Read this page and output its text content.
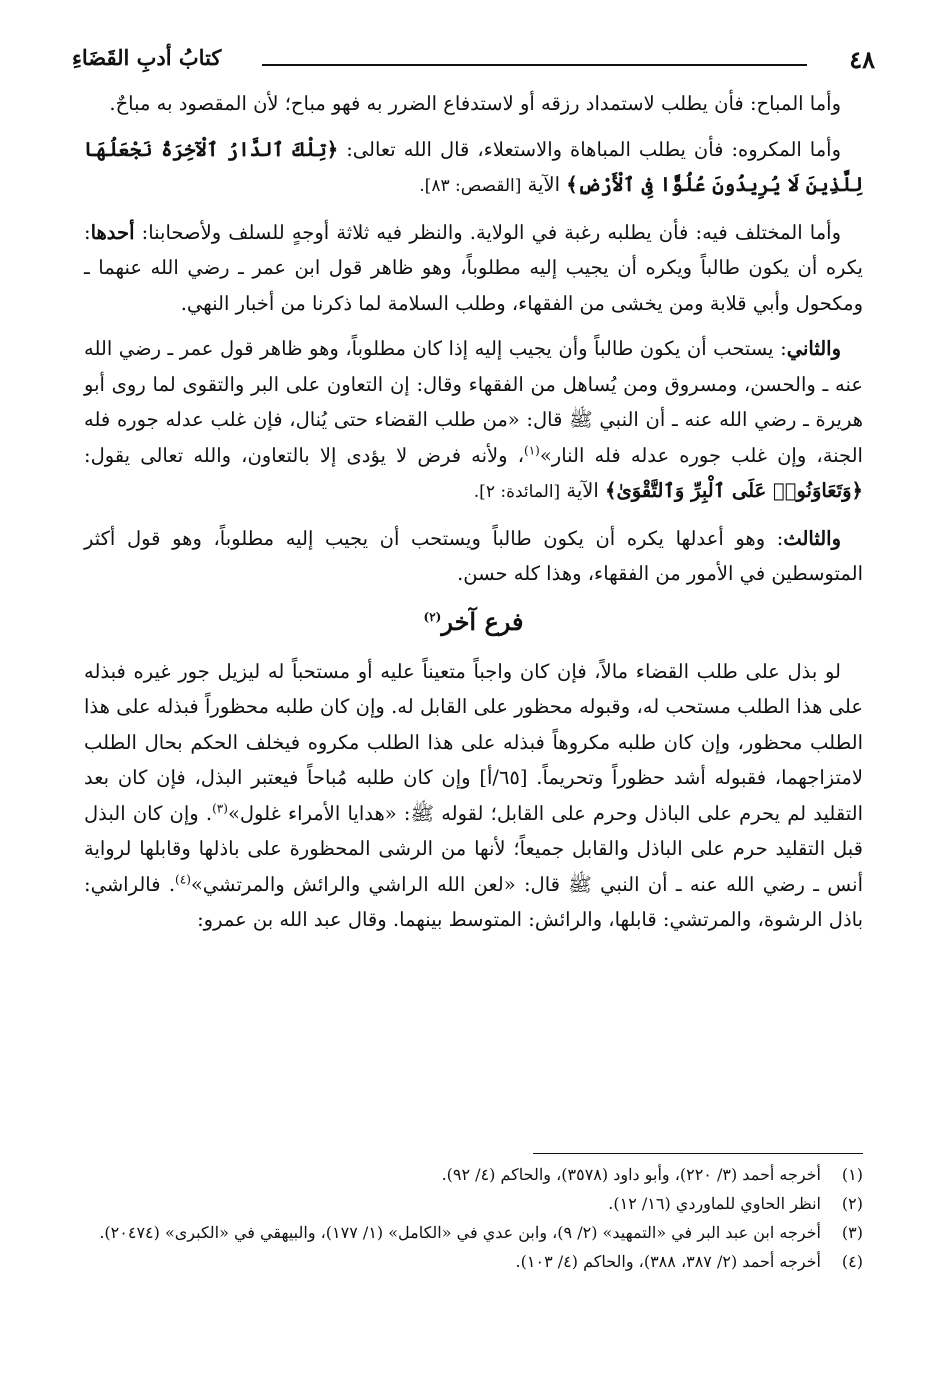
٤٨
كتابُ أدبِ القَضَاءِ

وأما المباح: فأن يطلب لاستمداد رزقه أو لاستدفاع الضرر به فهو مباح؛ لأن المقصود به مباحٌ.

وأما المكروه: فأن يطلب المباهاة والاستعلاء، قال الله تعالى: ﴿تِلْكَ ٱلدَّارُ ٱلْآخِرَةُ نَجْعَلُهَا لِلَّذِينَ لَا يُرِيدُونَ عُلُوًّا فِى ٱلْأَرْضِ﴾ الآية [القصص: ٨٣].

وأما المختلف فيه: فأن يطلبه رغبة في الولاية. والنظر فيه ثلاثة أوجهٍ للسلف ولأصحابنا: أحدها: يكره أن يكون طالباً ويكره أن يجيب إليه مطلوباً، وهو ظاهر قول ابن عمر ـ رضي الله عنهما ـ ومكحول وأبي قلابة ومن يخشى من الفقهاء، وطلب السلامة لما ذكرنا من أخبار النهي.

والثاني: يستحب أن يكون طالباً وأن يجيب إليه إذا كان مطلوباً، وهو ظاهر قول عمر ـ رضي الله عنه ـ والحسن، ومسروق ومن يُساهل من الفقهاء وقال: إن التعاون على البر والتقوى لما روى أبو هريرة ـ رضي الله عنه ـ أن النبي ﷺ قال: «من طلب القضاء حتى يُنال، فإن غلب عدله جوره فله الجنة، وإن غلب جوره عدله فله النار»$^{(١)}$، ولأنه فرض لا يؤدى إلا بالتعاون، والله تعالى يقول: ﴿وَتَعَاوَنُوا۟ عَلَى ٱلْبِرِّ وَٱلتَّقْوَىٰ﴾ الآية [المائدة: ٢].

والثالث: وهو أعدلها يكره أن يكون طالباً ويستحب أن يجيب إليه مطلوباً، وهو قول أكثر المتوسطين في الأمور من الفقهاء، وهذا كله حسن.

فرع آخر$^{(٢)}$

لو بذل على طلب القضاء مالاً، فإن كان واجباً متعيناً عليه أو مستحباً له ليزيل جور غيره فبذله على هذا الطلب مستحب له، وقبوله محظور على القابل له. وإن كان طلبه محظوراً فبذله على هذا الطلب محظور، وإن كان طلبه مكروهاً فبذله على هذا الطلب مكروه فيخلف الحكم بحال الطلب لامتزاجهما، فقبوله أشد حظوراً وتحريماً. [٦٥/أ] وإن كان طلبه مُباحاً فيعتبر البذل، فإن كان بعد التقليد لم يحرم على الباذل وحرم على القابل؛ لقوله ﷺ: «هدايا الأمراء غلول»$^{(٣)}$. وإن كان البذل قبل التقليد حرم على الباذل والقابل جميعاً؛ لأنها من الرشى المحظورة على باذلها وقابلها لرواية أنس ـ رضي الله عنه ـ أن النبي ﷺ قال: «لعن الله الراشي والرائش والمرتشي»$^{(٤)}$. فالراشي: باذل الرشوة، والمرتشي: قابلها، والرائش: المتوسط بينهما. وقال عبد الله بن عمرو:

(١)
أخرجه أحمد (٣/ ٢٢٠)، وأبو داود (٣٥٧٨)، والحاكم (٤/ ٩٢).

(٢)
انظر الحاوي للماوردي (١٦/ ١٢).

(٣)
أخرجه ابن عبد البر في «التمهيد» (٢/ ٩)، وابن عدي في «الكامل» (١/ ١٧٧)، والبيهقي في «الكبرى» (٢٠٤٧٤).

(٤)
أخرجه أحمد (٢/ ٣٨٧، ٣٨٨)، والحاكم (٤/ ١٠٣).
